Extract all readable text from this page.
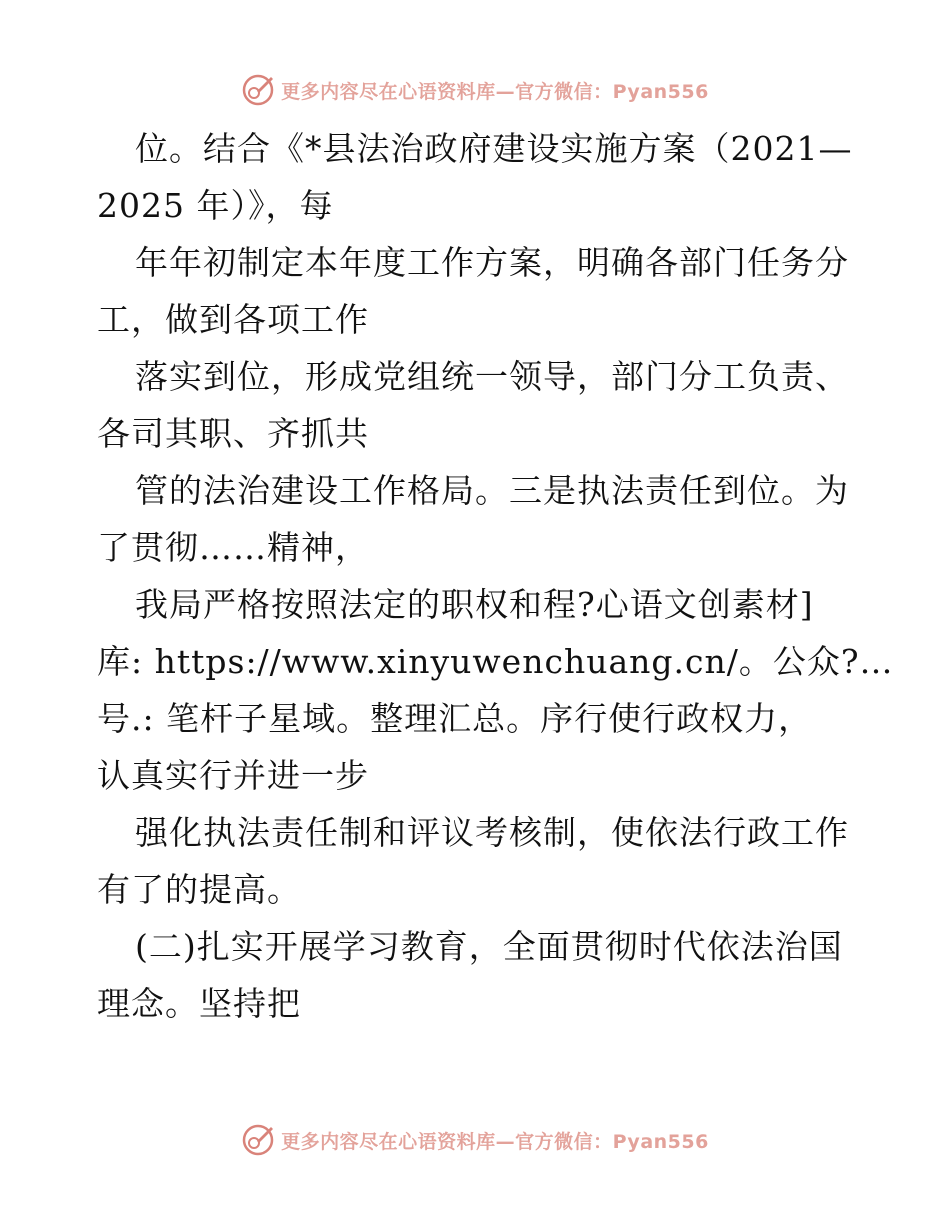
更多内容尽在心语资料库—官方微信：Pyan556
位。结合《*县法治政府建设实施方案（2021—
2025 年）》，每
年年初制定本年度工作方案，明确各部门任务分
工，做到各项工作
落实到位，形成党组统一领导，部门分工负责、
各司其职、齐抓共
管的法治建设工作格局。三是执法责任到位。为
了贯彻……精神，
我局严格按照法定的职权和程?心语文创素材]
库: https://www.xinyuwenchuang.cn/。公众?…
号.: 笔杆子星域。整理汇总。序行使行政权力，
认真实行并进一步
强化执法责任制和评议考核制，使依法行政工作
有了的提高。
(二)扎实开展学习教育，全面贯彻时代依法治国
理念。坚持把
更多内容尽在心语资料库—官方微信：Pyan556
